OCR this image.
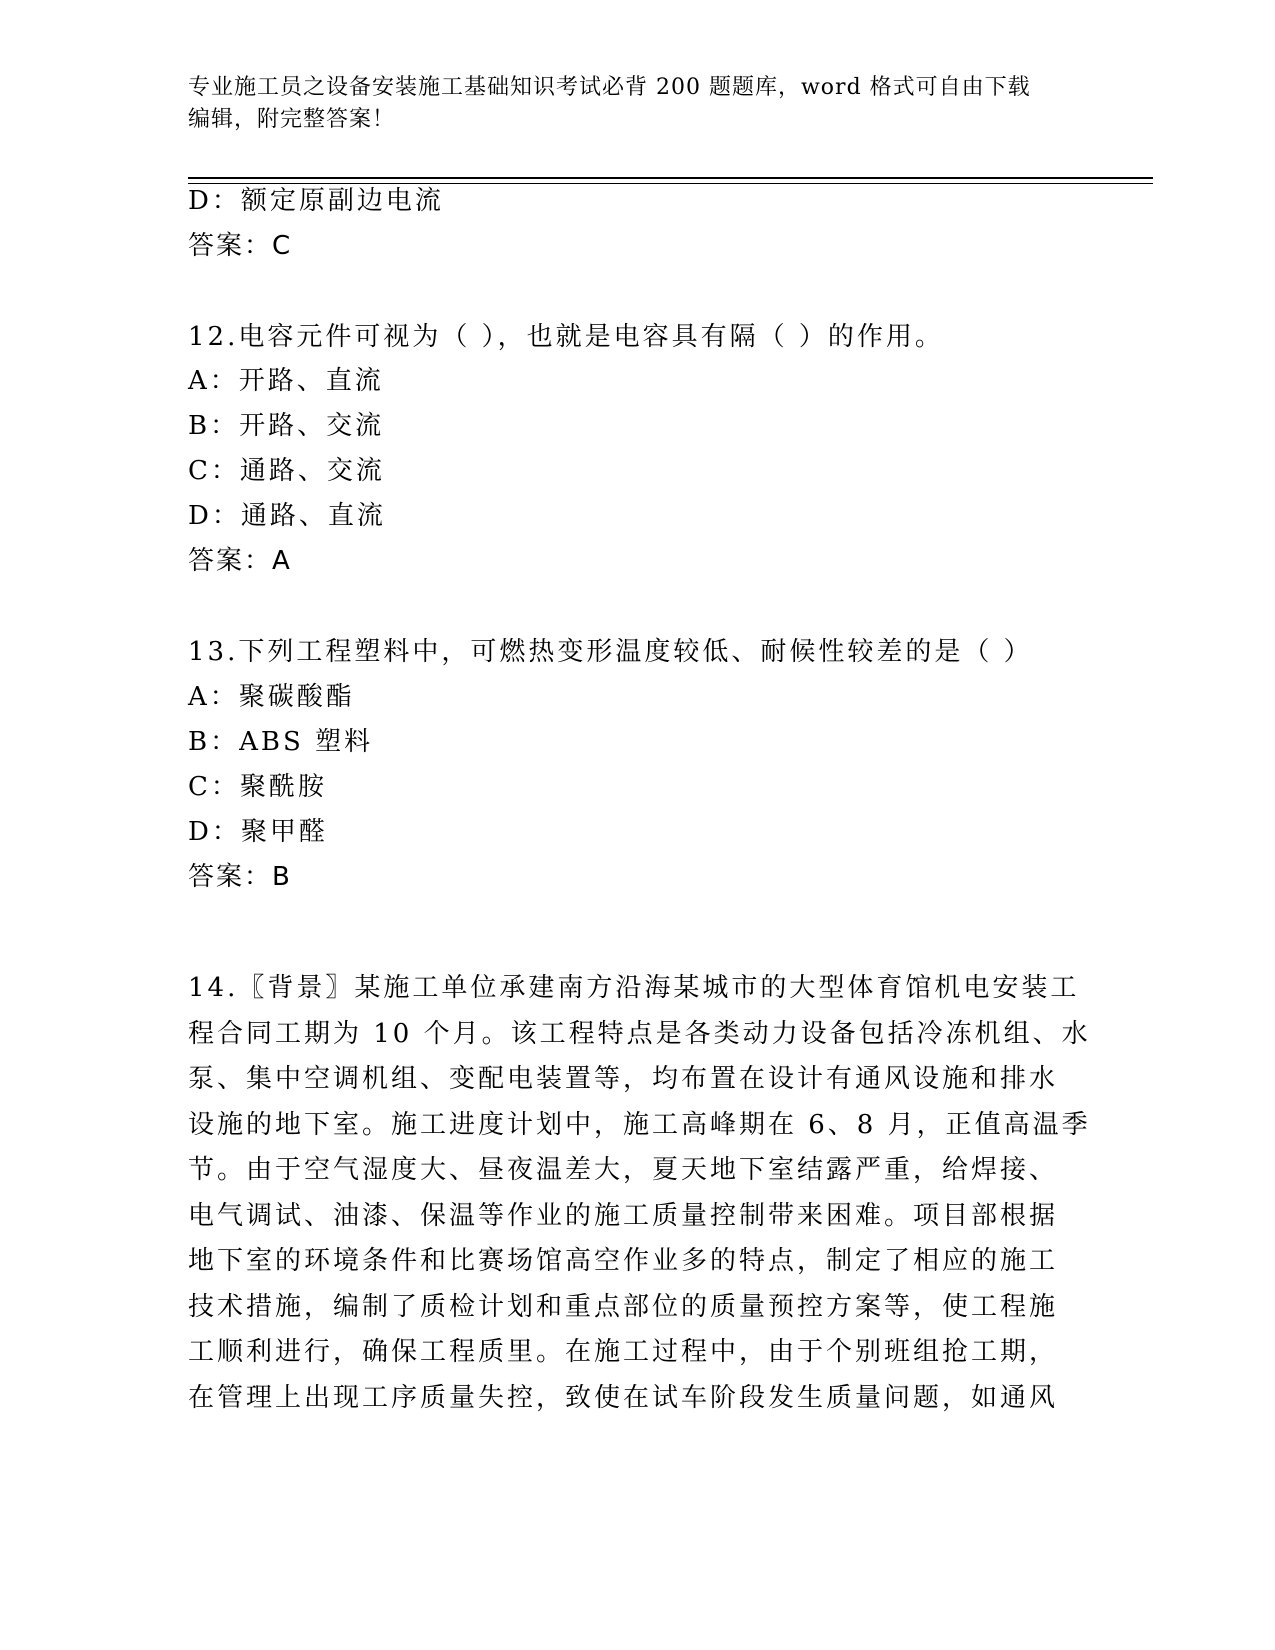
专业施工员之设备安装施工基础知识考试必背 200 题题库，word 格式可自由下载
编辑，附完整答案！
D：额定原副边电流
答案：C
12.电容元件可视为（ ），也就是电容具有隔（ ）的作用。
A：开路、直流
B：开路、交流
C：通路、交流
D：通路、直流
答案：A
13.下列工程塑料中，可燃热变形温度较低、耐候性较差的是（ ）
A：聚碳酸酯
B：ABS 塑料
C：聚酰胺
D：聚甲醛
答案：B
14.〖背景〗某施工单位承建南方沿海某城市的大型体育馆机电安装工
程合同工期为 10 个月。该工程特点是各类动力设备包括冷冻机组、水
泵、集中空调机组、变配电装置等，均布置在设计有通风设施和排水
设施的地下室。施工进度计划中，施工高峰期在 6、8 月，正值高温季
节。由于空气湿度大、昼夜温差大，夏天地下室结露严重，给焊接、
电气调试、油漆、保温等作业的施工质量控制带来困难。项目部根据
地下室的环境条件和比赛场馆高空作业多的特点，制定了相应的施工
技术措施，编制了质检计划和重点部位的质量预控方案等，使工程施
工顺利进行，确保工程质里。在施工过程中，由于个别班组抢工期，
在管理上出现工序质量失控，致使在试车阶段发生质量问题，如通风
